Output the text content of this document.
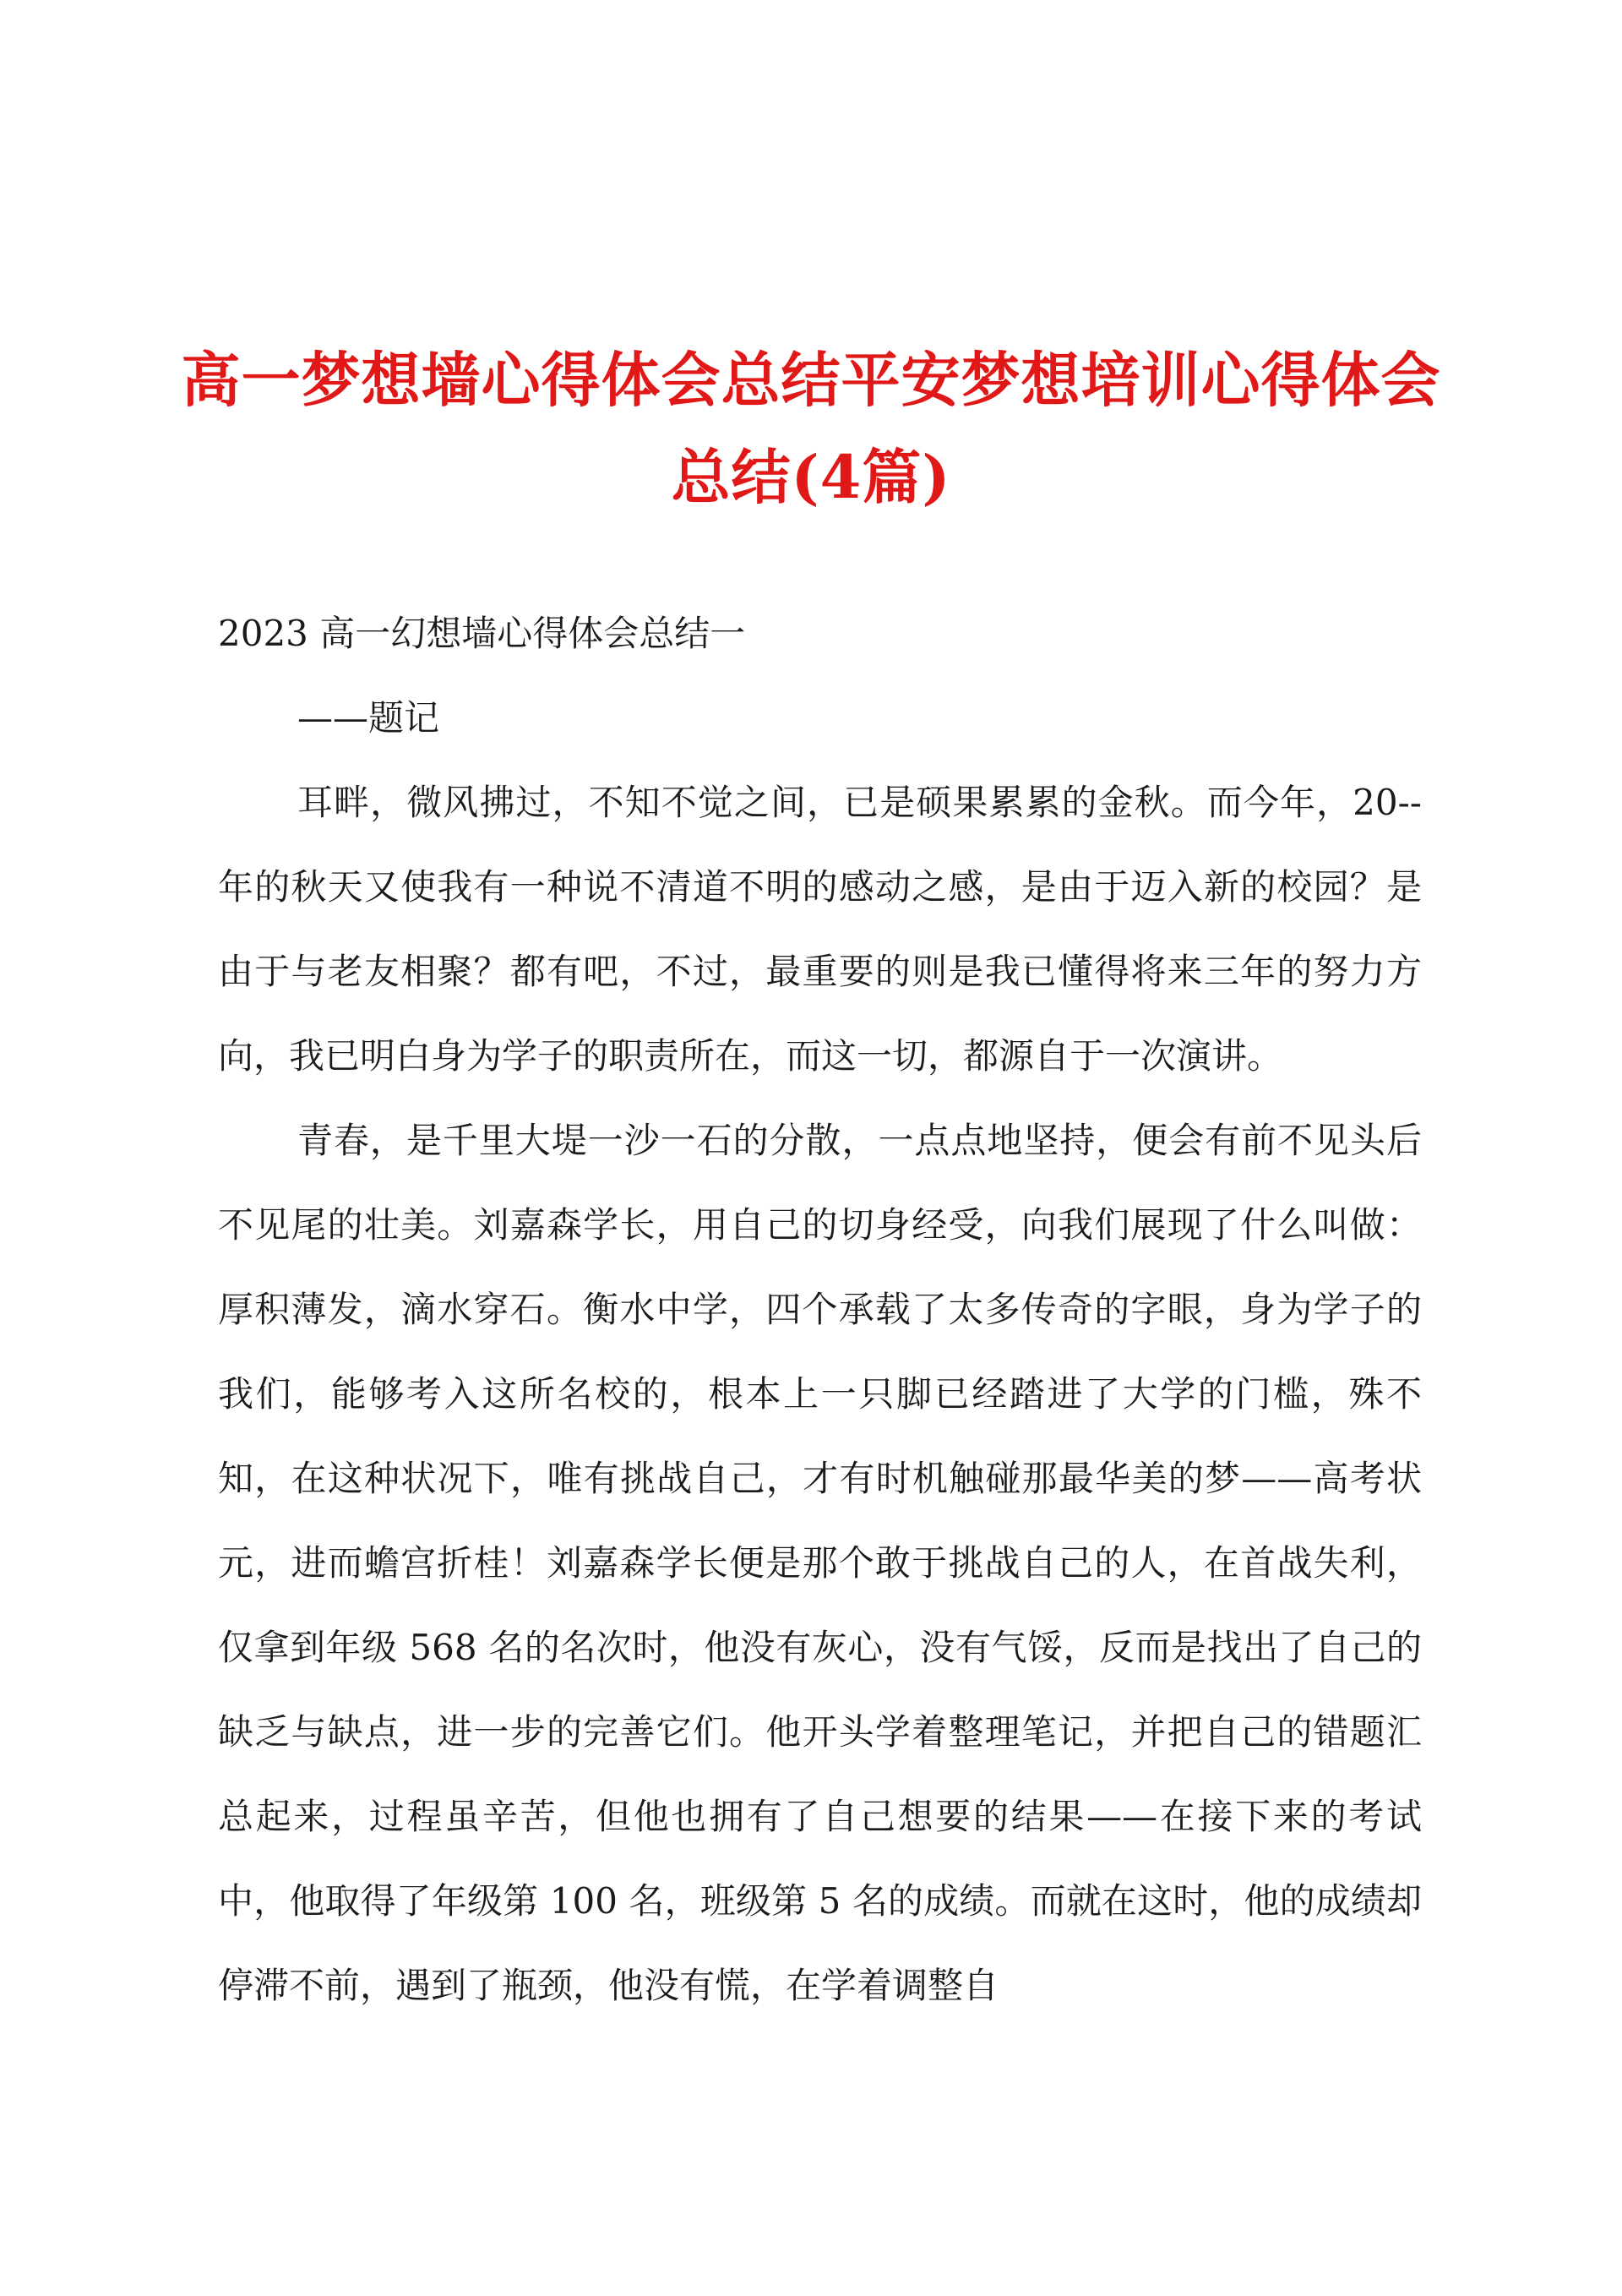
高一梦想墙心得体会总结平安梦想培训心得体会总结(4篇)

2023 高一幻想墙心得体会总结一

——题记

耳畔，微风拂过，不知不觉之间，已是硕果累累的金秋。而今年，20--年的秋天又使我有一种说不清道不明的感动之感，是由于迈入新的校园？是由于与老友相聚？都有吧，不过，最重要的则是我已懂得将来三年的努力方向，我已明白身为学子的职责所在，而这一切，都源自于一次演讲。

青春，是千里大堤一沙一石的分散，一点点地坚持，便会有前不见头后不见尾的壮美。刘嘉森学长，用自己的切身经受，向我们展现了什么叫做：厚积薄发，滴水穿石。衡水中学，四个承载了太多传奇的字眼，身为学子的我们，能够考入这所名校的，根本上一只脚已经踏进了大学的门槛，殊不知，在这种状况下，唯有挑战自己，才有时机触碰那最华美的梦——高考状元，进而蟾宫折桂！刘嘉森学长便是那个敢于挑战自己的人，在首战失利，仅拿到年级 568 名的名次时，他没有灰心，没有气馁，反而是找出了自己的缺乏与缺点，进一步的完善它们。他开头学着整理笔记，并把自己的错题汇总起来，过程虽辛苦，但他也拥有了自己想要的结果——在接下来的考试中，他取得了年级第 100 名，班级第 5 名的成绩。而就在这时，他的成绩却停滞不前，遇到了瓶颈，他没有慌，在学着调整自
